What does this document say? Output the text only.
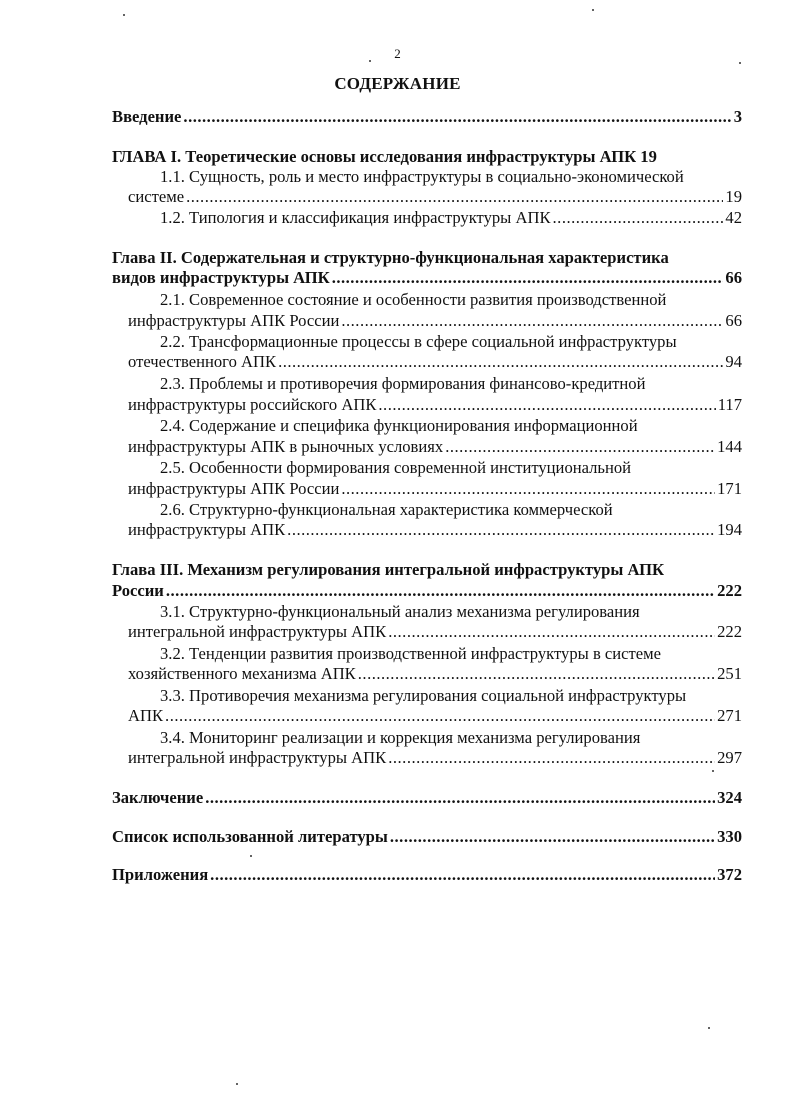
2
СОДЕРЖАНИЕ
Введение .....	3
ГЛАВА I. Теоретические основы исследования инфраструктуры АПК 19
1.1. Сущность, роль и место инфраструктуры в социально-экономической
системе .....	19
1.2. Типология и классификация инфраструктуры АПК .....	42
Глава II. Содержательная и структурно-функциональная характеристика
видов инфраструктуры АПК .....	66
2.1. Современное состояние и особенности развития производственной
инфраструктуры АПК России .....	66
2.2. Трансформационные процессы в сфере социальной инфраструктуры
отечественного АПК .....	94
2.3. Проблемы и противоречия формирования финансово-кредитной
инфраструктуры российского АПК .....	117
2.4. Содержание и специфика функционирования информационной
инфраструктуры АПК в рыночных условиях .....	144
2.5. Особенности формирования современной институциональной
инфраструктуры АПК России .....	171
2.6. Структурно-функциональная характеристика коммерческой
инфраструктуры АПК .....	194
Глава III. Механизм регулирования интегральной инфраструктуры АПК
России .....	222
3.1. Структурно-функциональный анализ механизма регулирования
интегральной инфраструктуры АПК .....	222
3.2. Тенденции развития производственной инфраструктуры в системе
хозяйственного механизма АПК .....	251
3.3. Противоречия механизма регулирования социальной инфраструктуры
АПК .....	271
3.4. Мониторинг реализации и коррекция механизма регулирования
интегральной инфраструктуры АПК .....	297
Заключение .....	324
Список использованной литературы .....	330
Приложения .....	372
